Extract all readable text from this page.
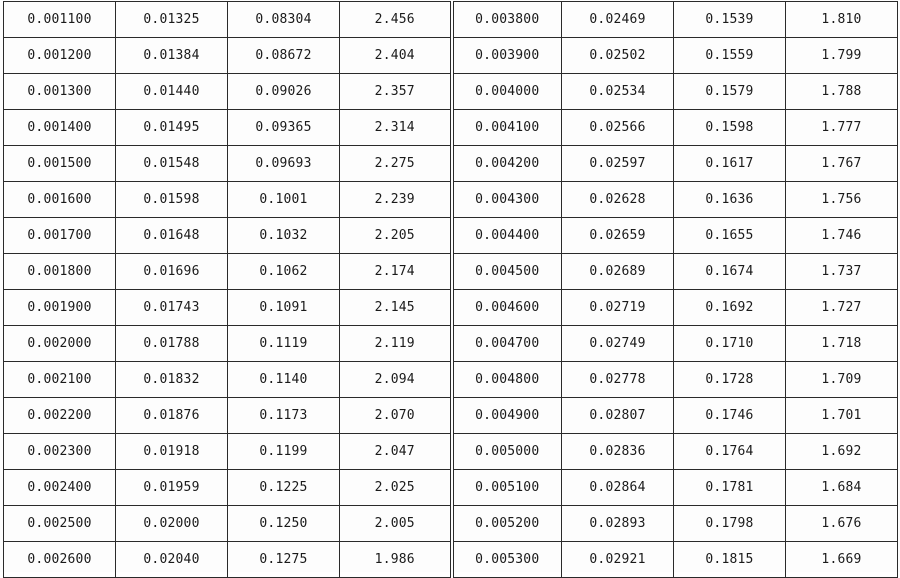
0.001100	0.01325	0.08304	2.456	0.003800	0.02469	0.1539	1.810
0.001200	0.01384	0.08672	2.404	0.003900	0.02502	0.1559	1.799
0.001300	0.01440	0.09026	2.357	0.004000	0.02534	0.1579	1.788
0.001400	0.01495	0.09365	2.314	0.004100	0.02566	0.1598	1.777
0.001500	0.01548	0.09693	2.275	0.004200	0.02597	0.1617	1.767
0.001600	0.01598	0.1001	2.239	0.004300	0.02628	0.1636	1.756
0.001700	0.01648	0.1032	2.205	0.004400	0.02659	0.1655	1.746
0.001800	0.01696	0.1062	2.174	0.004500	0.02689	0.1674	1.737
0.001900	0.01743	0.1091	2.145	0.004600	0.02719	0.1692	1.727
0.002000	0.01788	0.1119	2.119	0.004700	0.02749	0.1710	1.718
0.002100	0.01832	0.1140	2.094	0.004800	0.02778	0.1728	1.709
0.002200	0.01876	0.1173	2.070	0.004900	0.02807	0.1746	1.701
0.002300	0.01918	0.1199	2.047	0.005000	0.02836	0.1764	1.692
0.002400	0.01959	0.1225	2.025	0.005100	0.02864	0.1781	1.684
0.002500	0.02000	0.1250	2.005	0.005200	0.02893	0.1798	1.676
0.002600	0.02040	0.1275	1.986	0.005300	0.02921	0.1815	1.669
